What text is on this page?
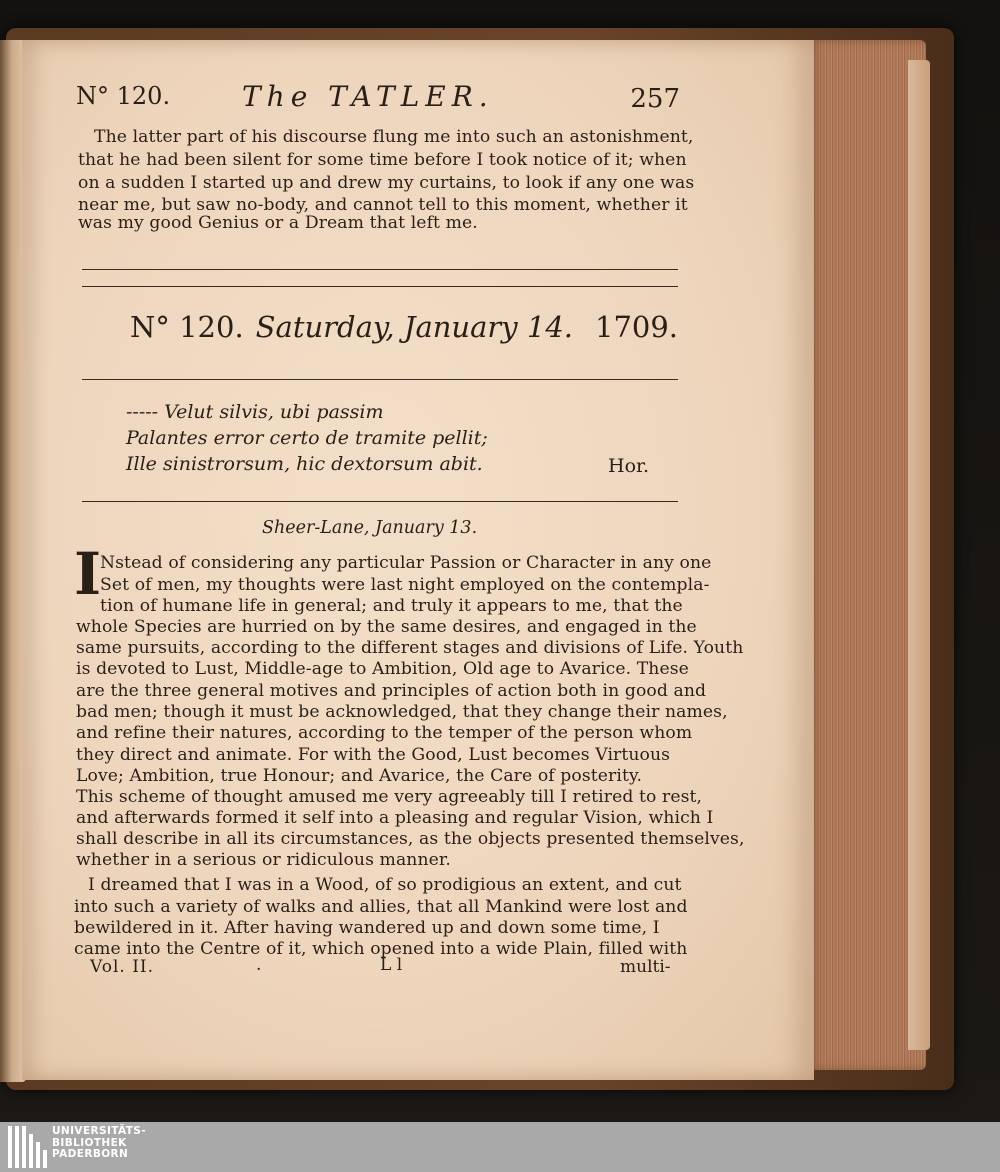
N° 120.	The TATLER.	257
The latter part of his discourse flung me into such an astonishment,
that he had been silent for some time before I took notice of it; when
on a sudden I started up and drew my curtains, to look if any one was
near me, but saw no-body, and cannot tell to this moment, whether it
was my good Genius or a Dream that left me.
N° 120. Saturday, January 14. 1709.
----- Velut silvis, ubi passim
Palantes error certo de tramite pellit;
Ille sinistrorsum, hic dextorsum abit.	Hor.
Sheer-Lane, January 13.
I
Nstead of considering any particular Passion or Character in any one
Set of men, my thoughts were last night employed on the contempla-
tion of humane life in general; and truly it appears to me, that the
whole Species are hurried on by the same desires, and engaged in the
same pursuits, according to the different stages and divisions of Life. Youth
is devoted to Lust, Middle-age to Ambition, Old age to Avarice. These
are the three general motives and principles of action both in good and
bad men; though it must be acknowledged, that they change their names,
and refine their natures, according to the temper of the person whom
they direct and animate. For with the Good, Lust becomes Virtuous
Love; Ambition, true Honour; and Avarice, the Care of posterity.
This scheme of thought amused me very agreeably till I retired to rest,
and afterwards formed it self into a pleasing and regular Vision, which I
shall describe in all its circumstances, as the objects presented themselves,
whether in a serious or ridiculous manner.
I dreamed that I was in a Wood, of so prodigious an extent, and cut
into such a variety of walks and allies, that all Mankind were lost and
bewildered in it. After having wandered up and down some time, I
came into the Centre of it, which opened into a wide Plain, filled with
Vol. II.	.	L l	multi-
UNIVERSITÄTS-
BIBLIOTHEK
PADERBORN
